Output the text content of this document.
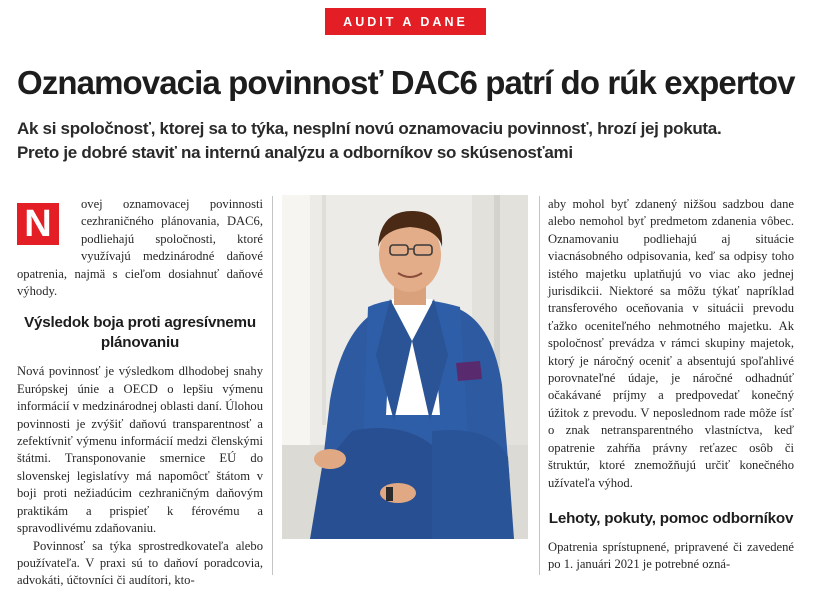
AUDIT A DANE
Oznamovacia povinnosť DAC6 patrí do rúk expertov
Ak si spoločnosť, ktorej sa to týka, nesplní novú oznamovaciu povinnosť, hrozí jej pokuta.
Preto je dobré staviť na internú analýzu a odborníkov so skúsenosťami

N	ovej oznamovacej povinnosti cezhraničného plánovania, DAC6, podliehajú spoločnosti, ktoré využívajú medzinárodné daňové opatrenia, najmä s cieľom dosiahnuť daňové výhody.

Výsledok boja proti agresívnemu plánovaniu

Nová povinnosť je výsledkom dlhodobej snahy Európskej únie a OECD o lepšiu výmenu informácií v medzinárodnej oblasti daní. Úlohou povinnosti je zvýšiť daňovú transparentnosť a zefektívniť výmenu informácií medzi členskými štátmi. Transponovanie smernice EÚ do slovenskej legislatívy má napomôcť štátom v boji proti nežiadúcim cezhraničným daňovým praktikám a prispieť k férovému a spravodlivému zdaňovaniu.

Povinnosť sa týka sprostredkovateľa alebo používateľa. V praxi sú to daňoví poradcovia, advokáti, účtovníci či audítori, kto-

aby mohol byť zdanený nižšou sadzbou dane alebo nemohol byť predmetom zdanenia vôbec. Oznamovaniu podliehajú aj situácie viacnásobného odpisovania, keď sa odpisy toho istého majetku uplatňujú vo viac ako jednej jurisdikcii. Niektoré sa môžu týkať napríklad transferového oceňovania v situácii prevodu ťažko oceniteľného nehmotného majetku. Ak spoločnosť prevádza v rámci skupiny majetok, ktorý je náročný oceniť a absentujú spoľahlivé porovnateľné údaje, je náročné odhadnúť očakávané príjmy a predpovedať konečný úžitok z prevodu. V neposlednom rade môže ísť o znak netransparentného vlastníctva, keď opatrenie zahŕňa právny reťazec osôb či štruktúr, ktoré znemožňujú určiť konečného užívateľa výhod.

Lehoty, pokuty, pomoc odborníkov

Opatrenia sprístupnené, pripravené či zavedené po 1. januári 2021 je potrebné ozná-
